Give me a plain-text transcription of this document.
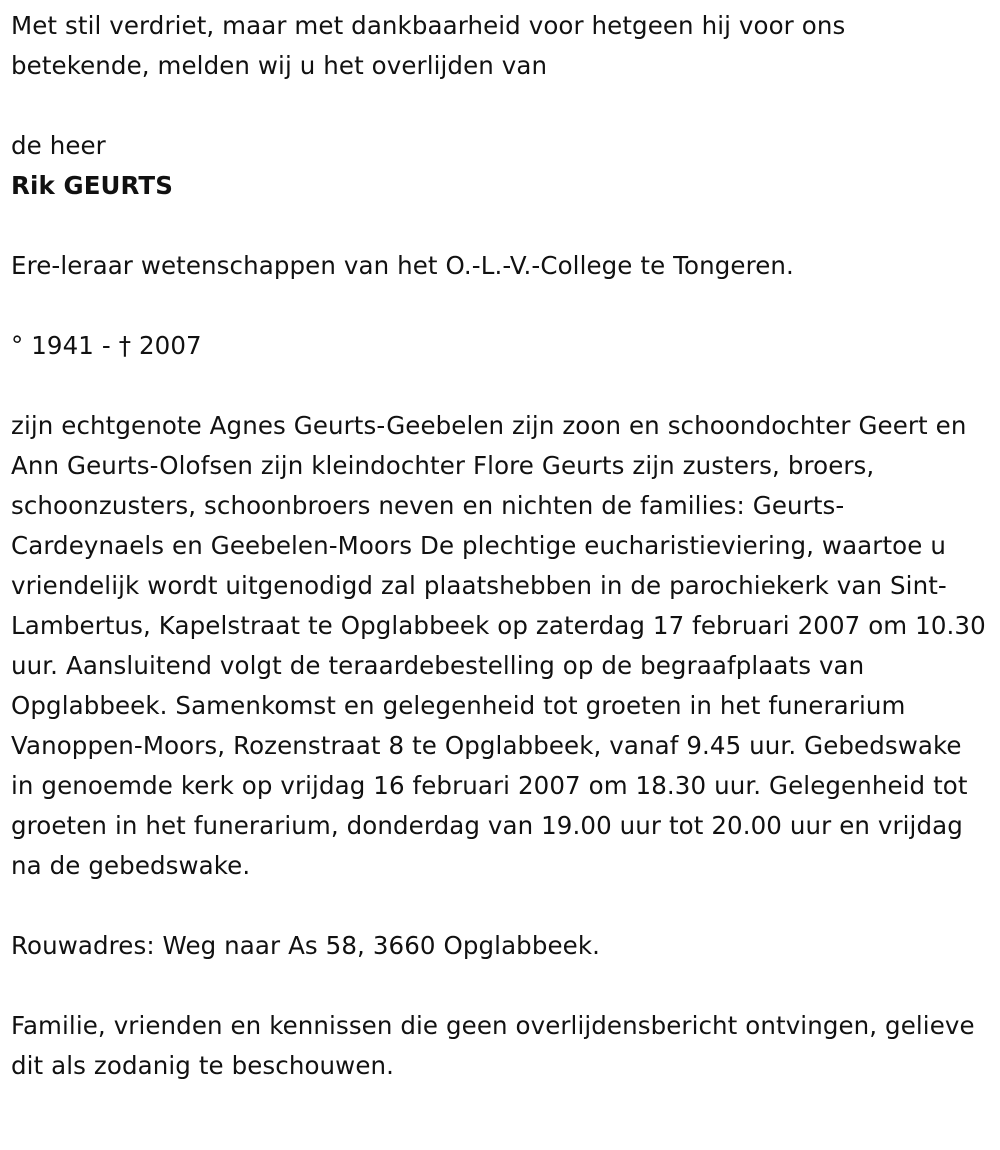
Met stil verdriet, maar met dankbaarheid voor hetgeen hij voor ons betekende, melden wij u het overlijden van

de heer

Rik GEURTS

Ere-leraar wetenschappen van het O.-L.-V.-College te Tongeren.

° 1941 - † 2007

zijn echtgenote Agnes Geurts-Geebelen zijn zoon en schoondochter Geert en Ann Geurts-Olofsen zijn kleindochter Flore Geurts zijn zusters, broers, schoonzusters, schoonbroers neven en nichten de families: Geurts-Cardeynaels en Geebelen-Moors De plechtige eucharistieviering, waartoe u vriendelijk wordt uitgenodigd zal plaatshebben in de parochiekerk van Sint-Lambertus, Kapelstraat te Opglabbeek op zaterdag 17 februari 2007 om 10.30 uur. Aansluitend volgt de teraardebestelling op de begraafplaats van Opglabbeek. Samenkomst en gelegenheid tot groeten in het funerarium Vanoppen-Moors, Rozenstraat 8 te Opglabbeek, vanaf 9.45 uur. Gebedswake in genoemde kerk op vrijdag 16 februari 2007 om 18.30 uur. Gelegenheid tot groeten in het funerarium, donderdag van 19.00 uur tot 20.00 uur en vrijdag na de gebedswake.

Rouwadres: Weg naar As 58, 3660 Opglabbeek.

Familie, vrienden en kennissen die geen overlijdensbericht ontvingen, gelieve dit als zodanig te beschouwen.
